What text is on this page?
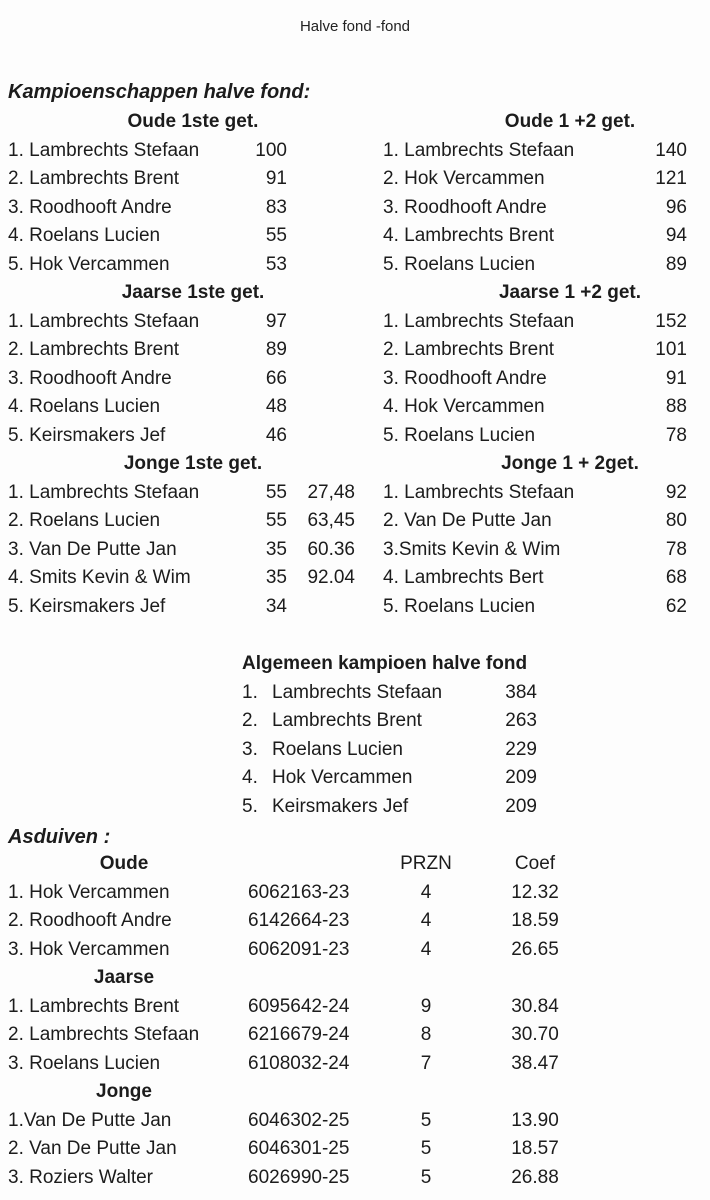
Halve fond -fond
Kampioenschappen halve fond:
Oude 1ste get.
1. Lambrechts Stefaan	100
2. Lambrechts Brent	91
3. Roodhooft Andre	83
4. Roelans Lucien	55
5. Hok Vercammen	53
Jaarse 1ste get.
1. Lambrechts Stefaan	97
2. Lambrechts Brent	89
3. Roodhooft Andre	66
4. Roelans Lucien	48
5. Keirsmakers Jef	46
Jonge 1ste get.
1. Lambrechts Stefaan	55	27,48
2. Roelans Lucien	55	63,45
3. Van De Putte Jan	35	60.36
4. Smits Kevin & Wim	35	92.04
5. Keirsmakers Jef	34
Oude 1 +2 get.
1. Lambrechts Stefaan	140
2. Hok Vercammen	121
3. Roodhooft Andre	96
4. Lambrechts Brent	94
5. Roelans Lucien	89
Jaarse 1 +2 get.
1. Lambrechts Stefaan	152
2. Lambrechts Brent	101
3. Roodhooft Andre	91
4. Hok Vercammen	88
5. Roelans Lucien	78
Jonge 1 + 2get.
1. Lambrechts Stefaan	92
2. Van De Putte Jan	80
3.Smits Kevin & Wim	78
4. Lambrechts Bert	68
5. Roelans Lucien	62
Algemeen kampioen halve fond
1. Lambrechts Stefaan	384
2. Lambrechts Brent	263
3. Roelans Lucien	229
4. Hok Vercammen	209
5. Keirsmakers Jef	209
Asduiven :
Oude	PRZN	Coef
1. Hok Vercammen	6062163-23	4	12.32
2. Roodhooft Andre	6142664-23	4	18.59
3. Hok Vercammen	6062091-23	4	26.65
Jaarse
1. Lambrechts Brent	6095642-24	9	30.84
2. Lambrechts Stefaan	6216679-24	8	30.70
3. Roelans Lucien	6108032-24	7	38.47
Jonge
1.Van De Putte Jan	6046302-25	5	13.90
2. Van De Putte Jan	6046301-25	5	18.57
3. Roziers Walter	6026990-25	5	26.88
